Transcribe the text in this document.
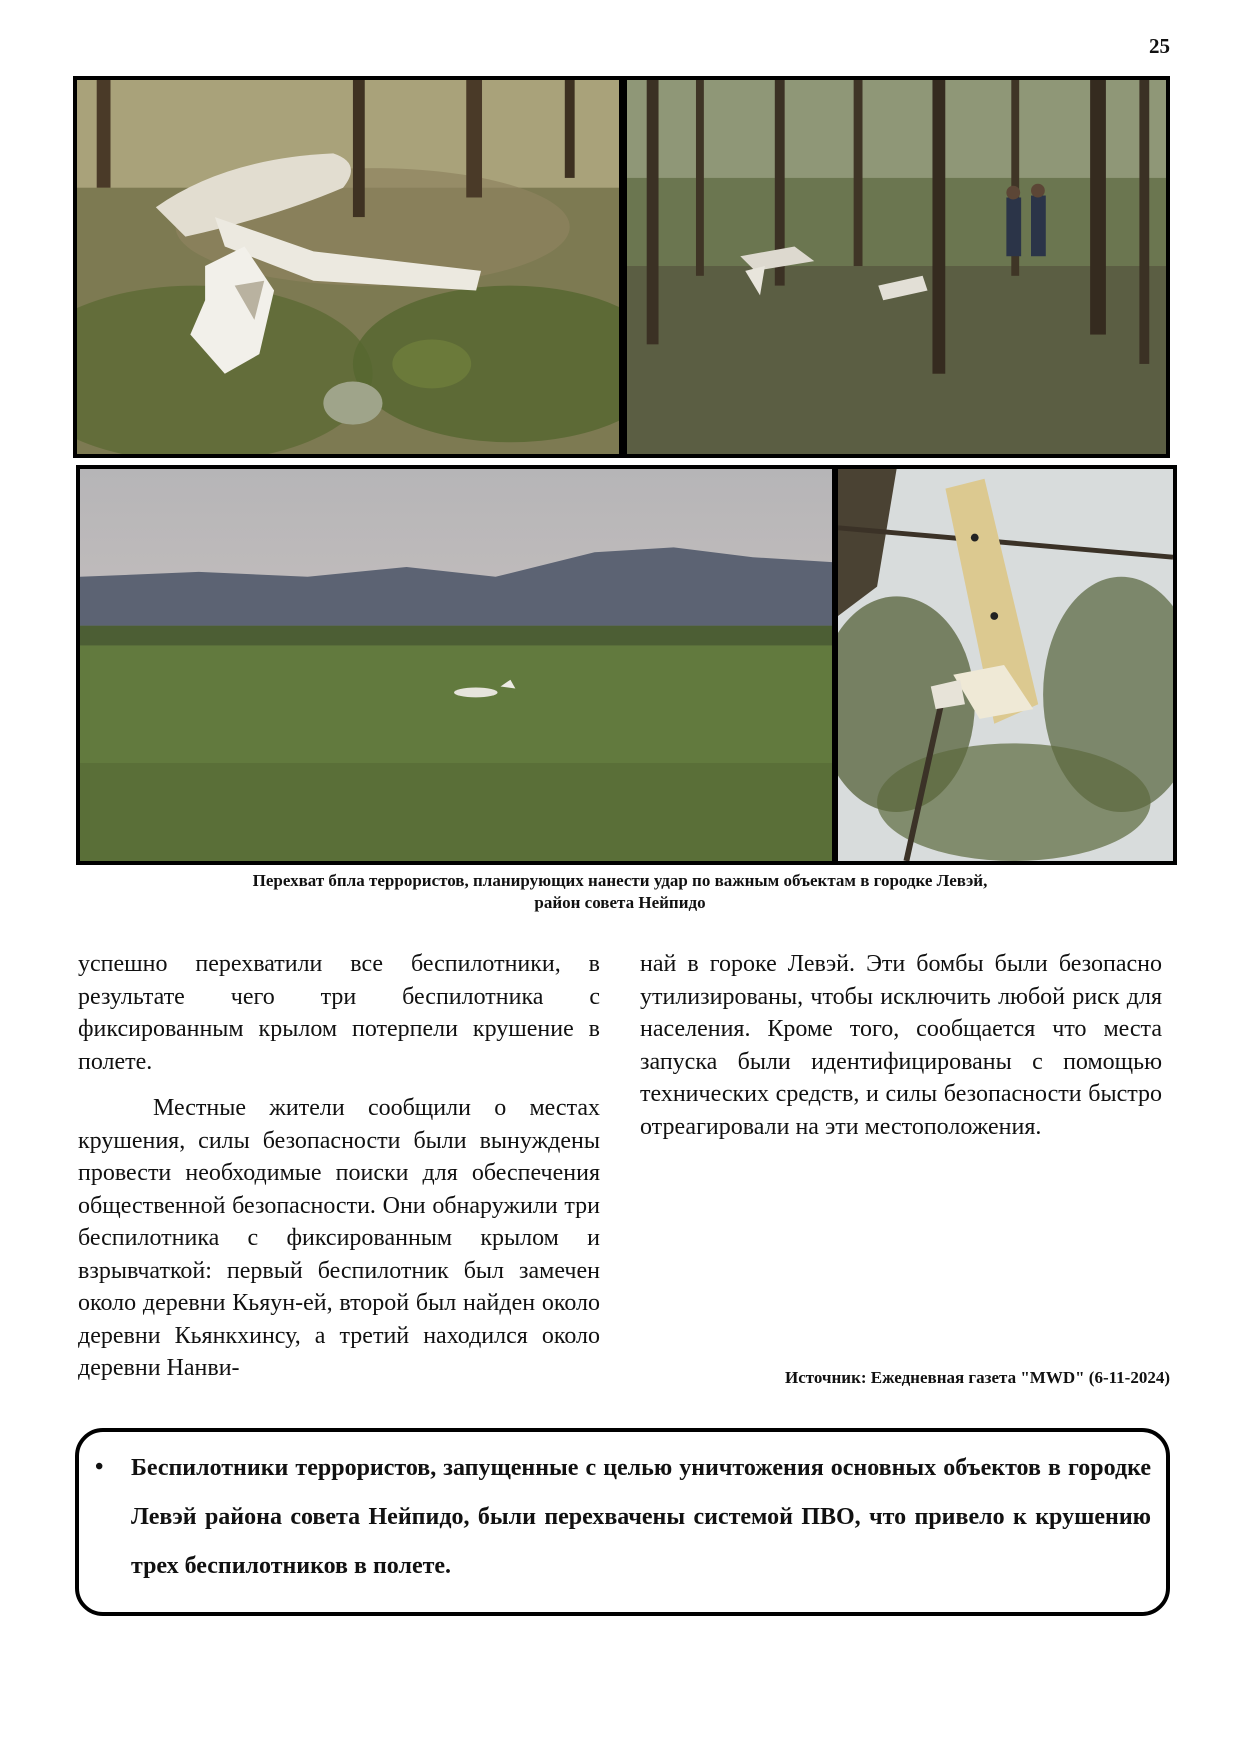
25
Перехват бпла террористов, планирующих нанести удар по важным объектам в городке Левэй,
район совета Нейпидо

успешно перехватили все беспилотники, в результате чего три беспилотника с фиксированным крылом потерпели крушение в полете.

Местные жители сообщили о местах крушения, силы безопасности были вынуждены провести необходимые поиски для обеспечения общественной безопасности. Они обнаружили три беспилотника с фиксированным крылом и взрывчаткой: первый беспилотник был замечен около деревни Кьяун-ей, второй был найден около деревни Кьянкхинсу, а третий находился около деревни Нанви-

най в гороке Левэй. Эти бомбы были безопасно утилизированы, чтобы исключить любой риск для населения. Кроме того, сообщается что места запуска были идентифицированы с помощью технических средств, и силы безопасности быстро отреагировали на эти местоположения.

Источник: Ежедневная газета "MWD" (6-11-2024)
• Беспилотники террористов, запущенные с целью уничтожения основных объектов в городке Левэй района совета Нейпидо, были перехвачены системой ПВО, что привело к крушению трех беспилотников в полете.
